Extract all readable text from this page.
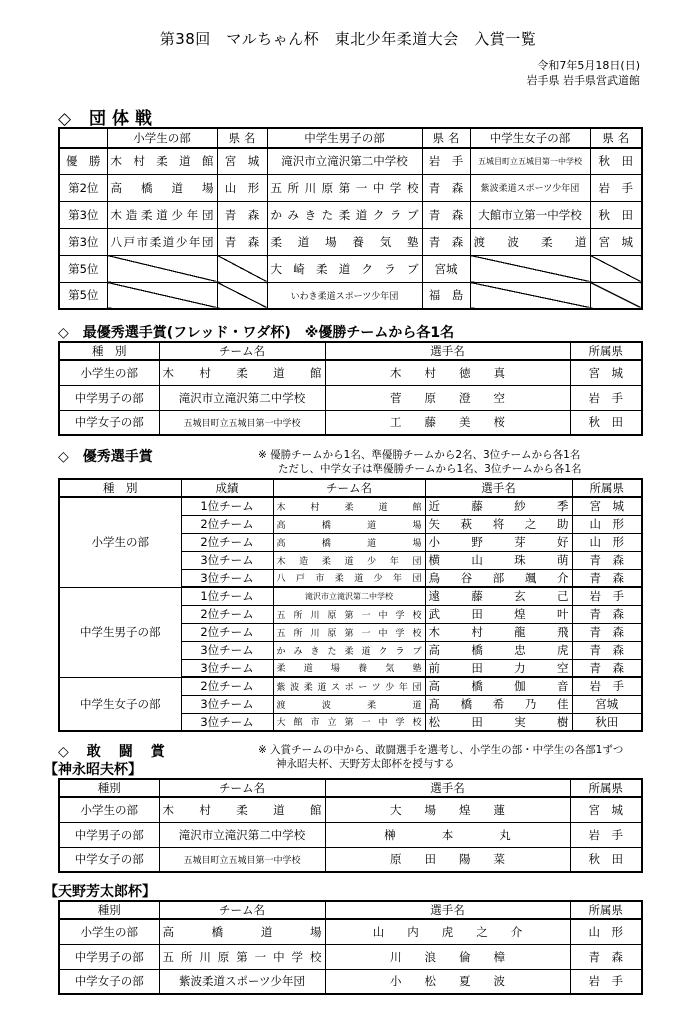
第38回　マルちゃん杯　東北少年柔道大会　入賞一覧
令和7年5月18日(日)
岩手県 岩手県営武道館
◇ 団体戦
	小学生の部	県 名	中学生男子の部	県 名	中学生女子の部	県 名
優　勝	木村柔道館	宮　城	滝沢市立滝沢第二中学校	岩　手	五城目町立五城目第一中学校	秋　田
第2位	高橋道場	山　形	五所川原第一中学校	青　森	紫波柔道スポーツ少年団	岩　手
第3位	木造柔道少年団	青　森	かみきた柔道クラブ	青　森	大館市立第一中学校	秋　田
第3位	八戸市柔道少年団	青　森	柔道場養気塾	青　森	渡波柔道	宮　城
第5位			大崎柔道クラブ	宮城		
第5位			いわき柔道スポーツ少年団	福　島		
◇　最優秀選手賞(フレッド・ワダ杯)　※優勝チームから各1名
種　別	チーム名	選手名	所属県
小学生の部	木村柔道館	木　　村　　徳　　真	宮　城
中学男子の部	滝沢市立滝沢第二中学校	菅　　原　　澄　　空	岩　手
中学女子の部	五城目町立五城目第一中学校	工　　藤　　美　　桜	秋　田
◇　優秀選手賞	※ 優勝チームから1名、準優勝チームから2名、3位チームから各1名
ただし、中学女子は準優勝チームから1名、3位チームから各1名
種　別	成績	チーム名	選手名	所属県
小学生の部	1位チーム	木村柔道館	近　藤　紗　季	宮　城
	2位チーム	高橋道場	矢　萩　将　之　助	山　形
	2位チーム	高橋道場	小　野　芽　好	山　形
	3位チーム	木造柔道少年団	横　山　珠　萌	青　森
	3位チーム	八戸市柔道少年団	鳥　谷　部　颯　介	青　森
中学生男子の部	1位チーム	滝沢市立滝沢第二中学校	遠　藤　玄　己	岩　手
	2位チーム	五所川原第一中学校	武　田　煌　叶	青　森
	2位チーム	五所川原第一中学校	木　村　龍　飛	青　森
	3位チーム	かみきた柔道クラブ	高　橋　忠　虎	青　森
	3位チーム	柔道場養気塾	前　田　力　空	青　森
中学生女子の部	2位チーム	紫波柔道スポーツ少年団	高　橋　伽　音	岩　手
	3位チーム	渡波柔道	髙　橋　希　乃　佳	宮城
	3位チーム	大館市立第一中学校	松　田　実　樹	秋田
◇　敢　闘　賞	※ 入賞チームの中から、敢闘選手を選考し、小学生の部・中学生の各部1ずつ
神永昭夫杯、天野芳太郎杯を授与する
【神永昭夫杯】
種別	チーム名	選手名	所属県
小学生の部	木村柔道館	大　　場　　煌　　蓮	宮　城
中学男子の部	滝沢市立滝沢第二中学校	榊　　　　本　　　　丸	岩　手
中学女子の部	五城目町立五城目第一中学校	原　　田　　陽　　菜	秋　田
【天野芳太郎杯】
種別	チーム名	選手名	所属県
小学生の部	高橋道場	山　　内　　虎　　之　　介	山　形
中学男子の部	五所川原第一中学校	川　　浪　　倫　　樟	青　森
中学女子の部	紫波柔道スポーツ少年団	小　　松　　夏　　波	岩　手
